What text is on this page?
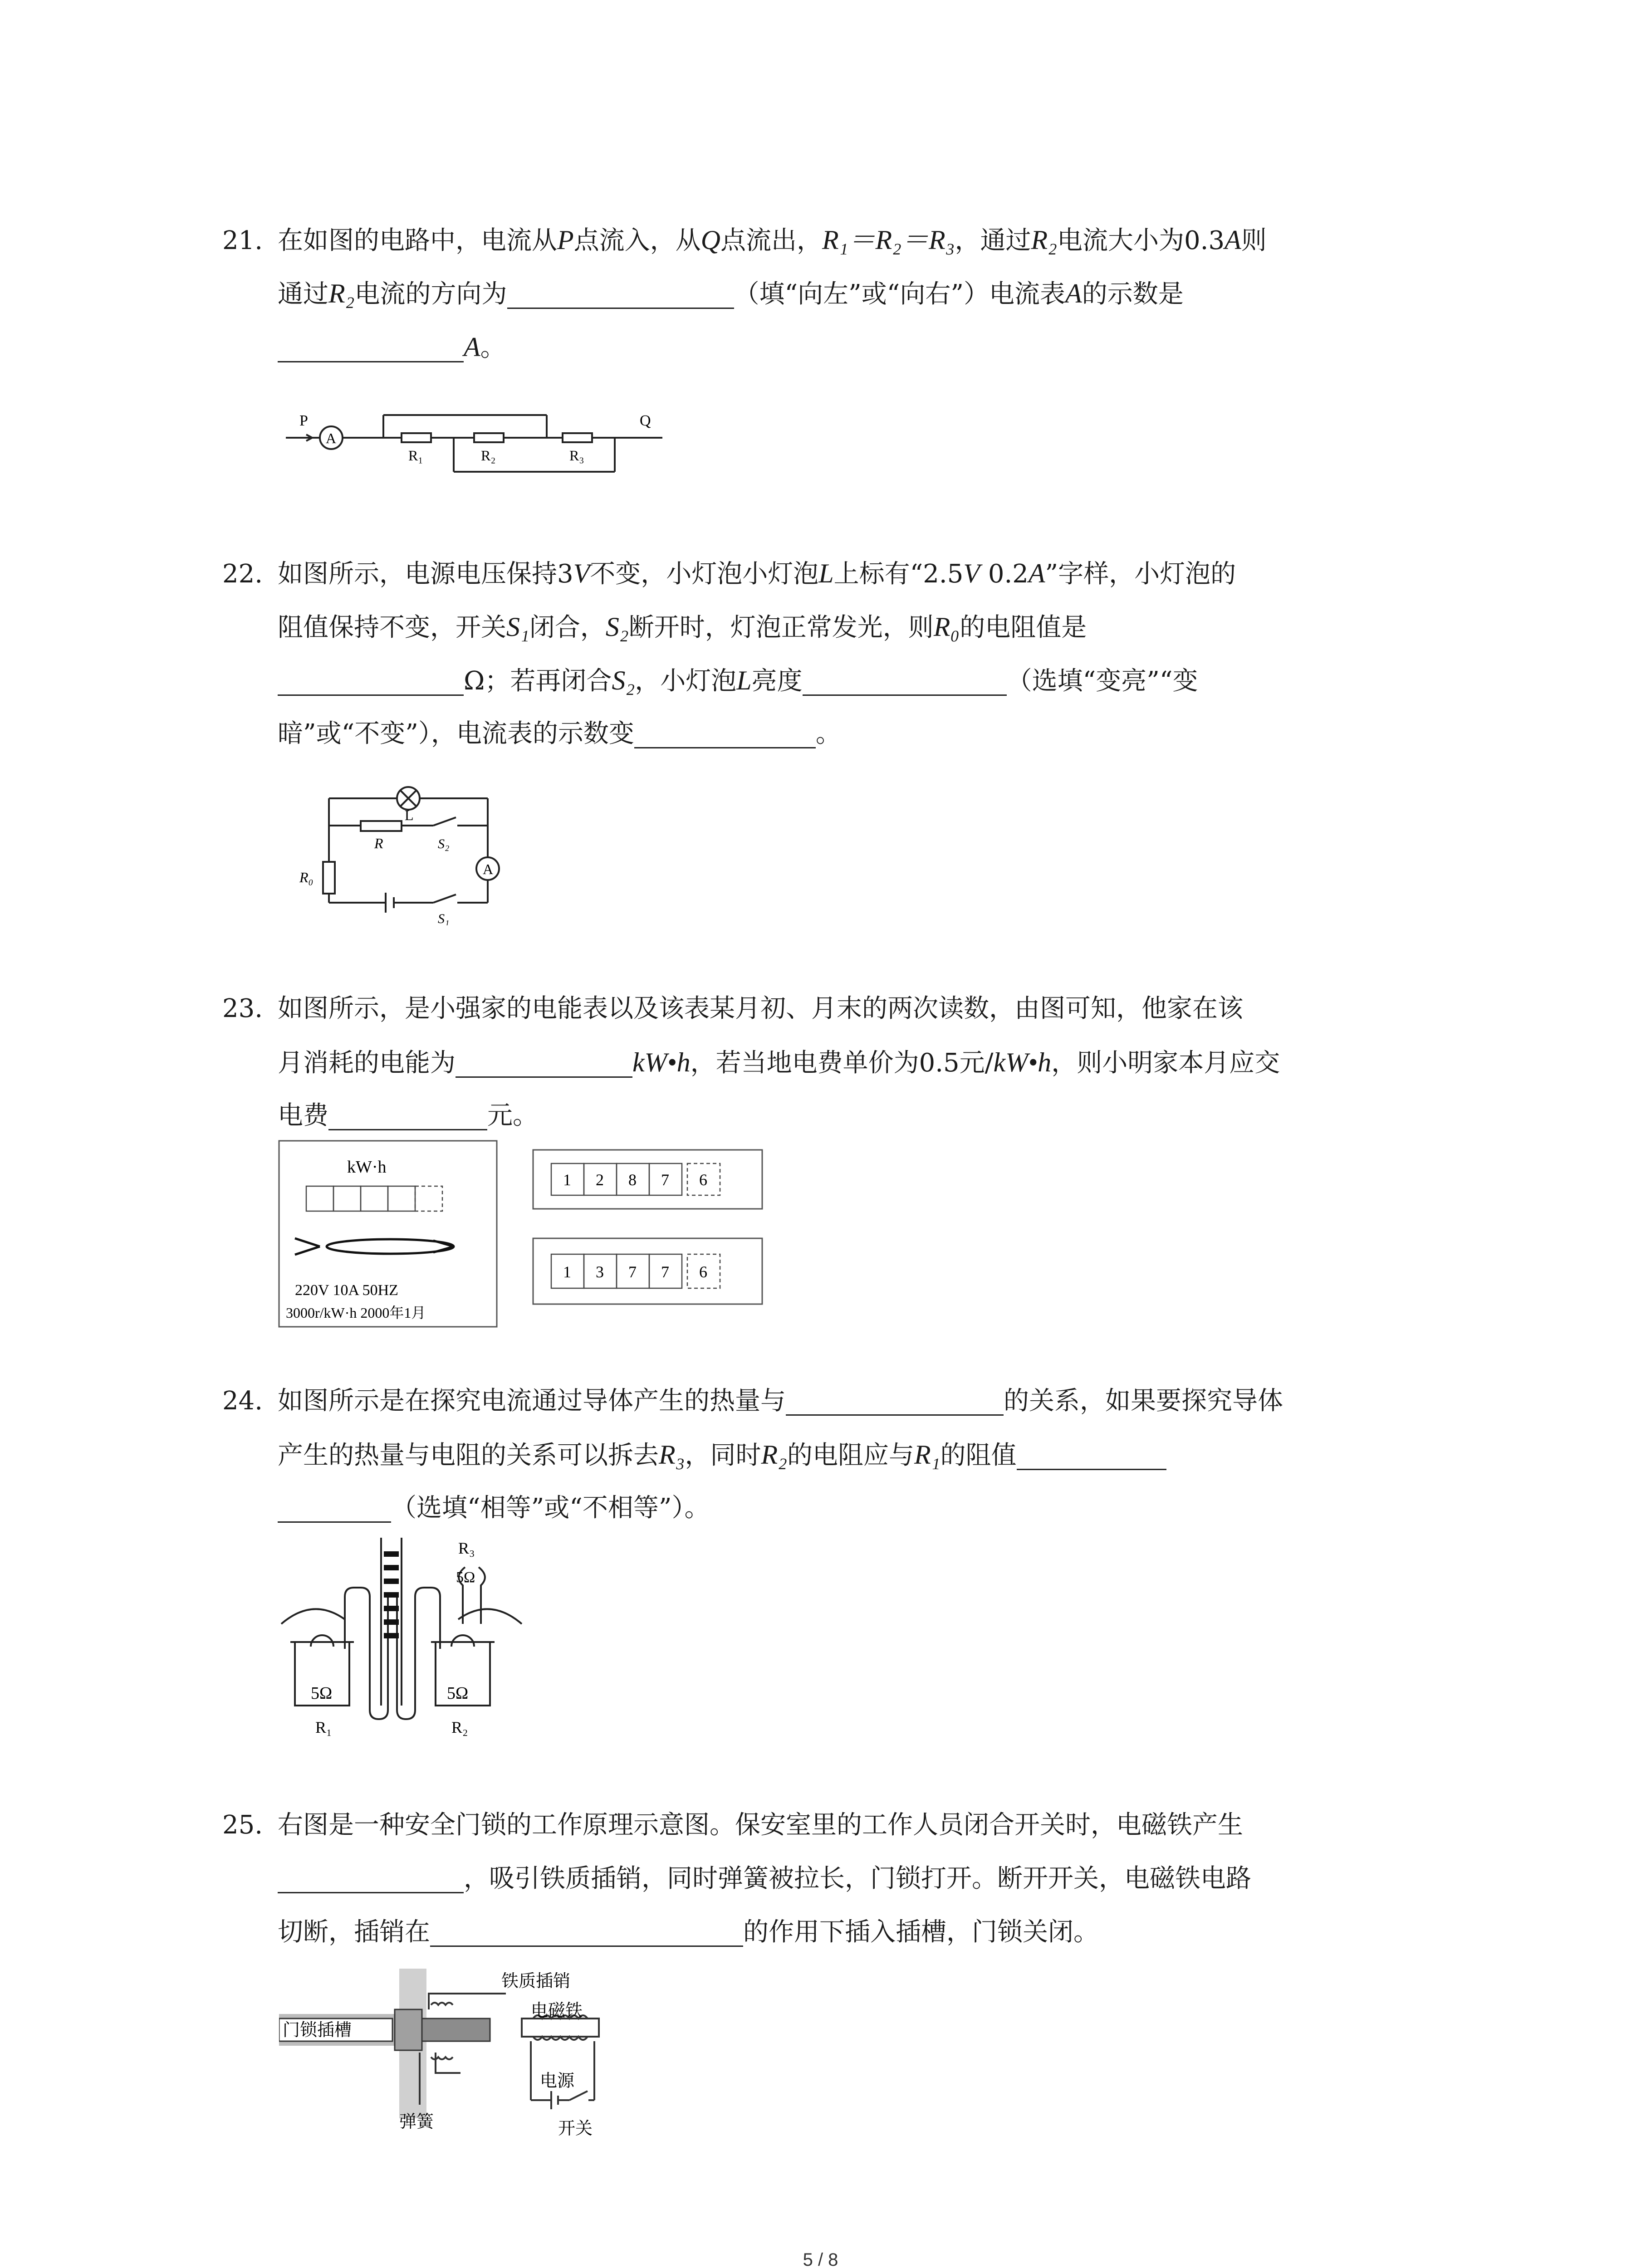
21. 在如图的电路中，电流从P点流入，从Q点流出，R₁＝R₂＝R₃，通过R₂电流大小为0.3A则
通过R₂电流的方向为	（填“向左”或“向右”）电流表A的示数是
A。
P
A
Q
R₁	R₂	R₃
22. 如图所示，电源电压保持3V不变，小灯泡小灯泡L上标有“2.5V 0.2A”字样，小灯泡的
阻值保持不变，开关S₁闭合，S₂断开时，灯泡正常发光，则R₀的电阻值是
Ω；若再闭合S₂，小灯泡L亮度	（选填“变亮”“变
暗”或“不变”），电流表的示数变	。
L
R
R₀
S₂
S₁
A
23. 如图所示，是小强家的电能表以及该表某月初、月末的两次读数，由图可知，他家在该
月消耗的电能为	kW•h，若当地电费单价为0.5元/kW•h，则小明家本月应交
电费	元。
kW·h
220V 10A 50HZ
3000r/kW·h 2000年1月
1 2 8 7 6
1 3 7 7 6
24. 如图所示是在探究电流通过导体产生的热量与	的关系，如果要探究导体
产生的热量与电阻的关系可以拆去R₃，同时R₂的电阻应与R₁的阻值
（选填“相等”或“不相等”）。
5Ω	5Ω
5Ω
R₁	R₂
R₃
25. 右图是一种安全门锁的工作原理示意图。保安室里的工作人员闭合开关时，电磁铁产生
，吸引铁质插销，同时弹簧被拉长，门锁打开。断开开关，电磁铁电路
切断，插销在	的作用下插入插槽，门锁关闭。
门锁插槽
铁质插销
电磁铁
弹簧
电源
开关
5 / 8
